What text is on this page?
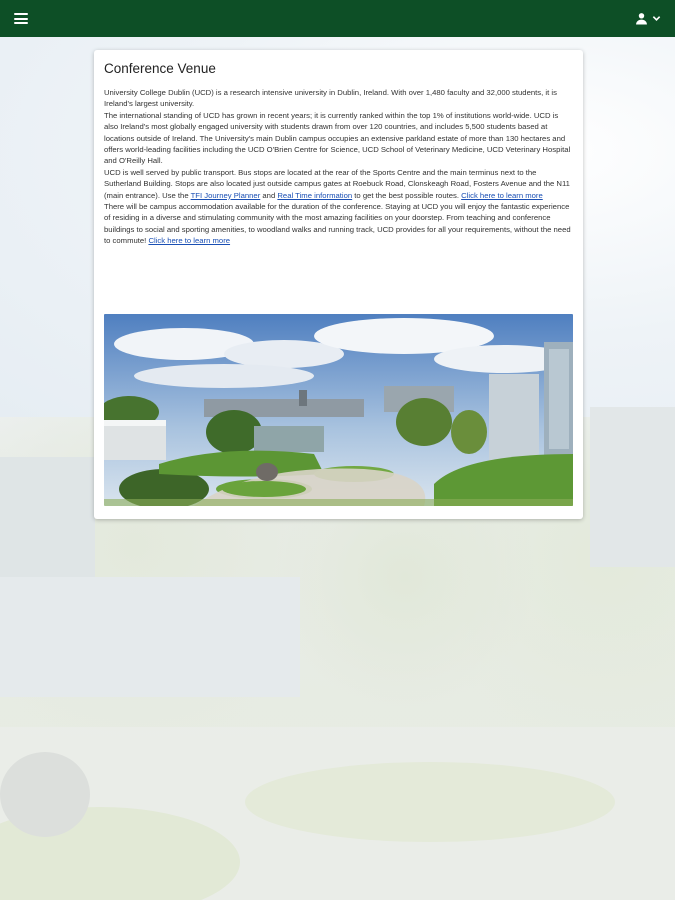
Conference Venue

University College Dublin (UCD) is a research intensive university in Dublin, Ireland. With over 1,480 faculty and 32,000 students, it is Ireland's largest university.

The international standing of UCD has grown in recent years; it is currently ranked within the top 1% of institutions world-wide. UCD is also Ireland's most globally engaged university with students drawn from over 120 countries, and includes 5,500 students based at locations outside of Ireland. The University's main Dublin campus occupies an extensive parkland estate of more than 130 hectares and offers world-leading facilities including the UCD O'Brien Centre for Science, UCD School of Veterinary Medicine, UCD Veterinary Hospital and O'Reilly Hall.

UCD is well served by public transport. Bus stops are located at the rear of the Sports Centre and the main terminus next to the Sutherland Building. Stops are also located just outside campus gates at Roebuck Road, Clonskeagh Road, Fosters Avenue and the N11 (main entrance). Use the TFI Journey Planner and Real Time information to get the best possible routes. Click here to learn more

There will be campus accommodation available for the duration of the conference. Staying at UCD you will enjoy the fantastic experience of residing in a diverse and stimulating community with the most amazing facilities on your doorstep. From teaching and conference buildings to social and sporting amenities, to woodland walks and running track, UCD provides for all your requirements, without the need to commute! Click here to learn more
